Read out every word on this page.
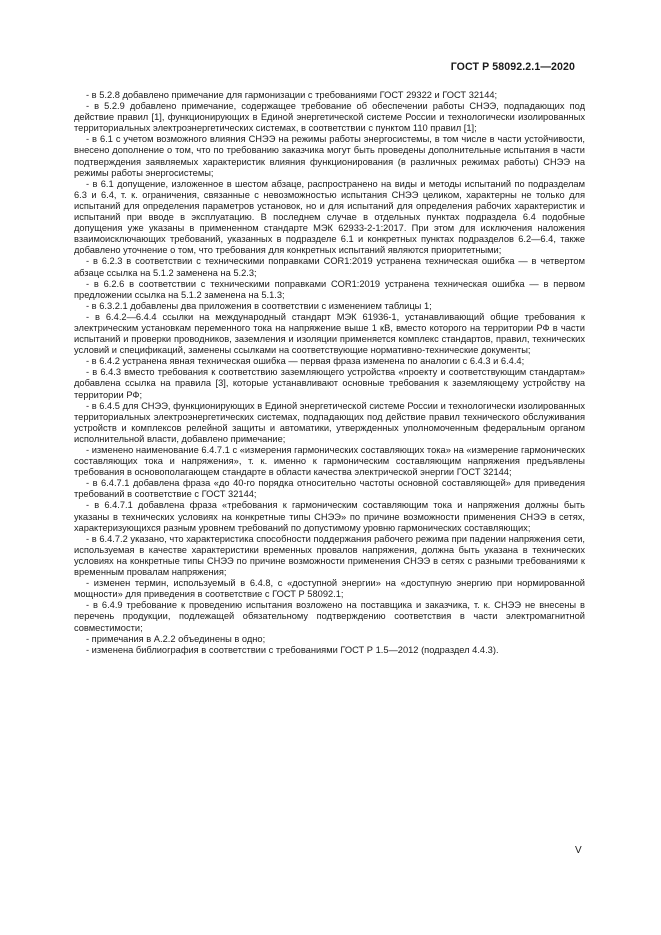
ГОСТ Р 58092.2.1—2020

- в 5.2.8 добавлено примечание для гармонизации с требованиями ГОСТ 29322 и ГОСТ 32144;

- в 5.2.9 добавлено примечание, содержащее требование об обеспечении работы СНЭЭ, подпадающих под действие правил [1], функционирующих в Единой энергетической системе России и технологически изолированных территориальных электроэнергетических системах, в соответствии с пунктом 110 правил [1];

- в 6.1 с учетом возможного влияния СНЭЭ на режимы работы энергосистемы, в том числе в части устойчивости, внесено дополнение о том, что по требованию заказчика могут быть проведены дополнительные испытания в части подтверждения заявляемых характеристик влияния функционирования (в различных режимах работы) СНЭЭ на режимы работы энергосистемы;

- в 6.1 допущение, изложенное в шестом абзаце, распространено на виды и методы испытаний по подразделам 6.3 и 6.4, т. к. ограничения, связанные с невозможностью испытания СНЭЭ целиком, характерны не только для испытаний для определения параметров установок, но и для испытаний для определения рабочих характеристик и испытаний при вводе в эксплуатацию. В последнем случае в отдельных пунктах подраздела 6.4 подобные допущения уже указаны в примененном стандарте МЭК 62933-2-1:2017. При этом для исключения наложения взаимоисключающих требований, указанных в подразделе 6.1 и конкретных пунктах подразделов 6.2—6.4, также добавлено уточнение о том, что требования для конкретных испытаний являются приоритетными;

- в 6.2.3 в соответствии с техническими поправками COR1:2019 устранена техническая ошибка — в четвертом абзаце ссылка на 5.1.2 заменена на 5.2.3;

- в 6.2.6 в соответствии с техническими поправками COR1:2019 устранена техническая ошибка — в первом предложении ссылка на 5.1.2 заменена на 5.1.3;

- в 6.3.2.1 добавлены два приложения в соответствии с изменением таблицы 1;

- в 6.4.2—6.4.4 ссылки на международный стандарт МЭК 61936-1, устанавливающий общие требования к электрическим установкам переменного тока на напряжение выше 1 кВ, вместо которого на территории РФ в части испытаний и проверки проводников, заземления и изоляции применяется комплекс стандартов, правил, технических условий и спецификаций, заменены ссылками на соответствующие нормативно-технические документы;

- в 6.4.2 устранена явная техническая ошибка — первая фраза изменена по аналогии с 6.4.3 и 6.4.4;

- в 6.4.3 вместо требования к соответствию заземляющего устройства «проекту и соответствующим стандартам» добавлена ссылка на правила [3], которые устанавливают основные требования к заземляющему устройству на территории РФ;

- в 6.4.5 для СНЭЭ, функционирующих в Единой энергетической системе России и технологически изолированных территориальных электроэнергетических системах, подпадающих под действие правил технического обслуживания устройств и комплексов релейной защиты и автоматики, утвержденных уполномоченным федеральным органом исполнительной власти, добавлено примечание;

- изменено наименование 6.4.7.1 с «измерения гармонических составляющих тока» на «измерение гармонических составляющих тока и напряжения», т. к. именно к гармоническим составляющим напряжения предъявлены требования в основополагающем стандарте в области качества электрической энергии ГОСТ 32144;

- в 6.4.7.1 добавлена фраза «до 40-го порядка относительно частоты основной составляющей» для приведения требований в соответствие с ГОСТ 32144;

- в 6.4.7.1 добавлена фраза «требования к гармоническим составляющим тока и напряжения должны быть указаны в технических условиях на конкретные типы СНЭЭ» по причине возможности применения СНЭЭ в сетях, характеризующихся разным уровнем требований по допустимому уровню гармонических составляющих;

- в 6.4.7.2 указано, что характеристика способности поддержания рабочего режима при падении напряжения сети, используемая в качестве характеристики временных провалов напряжения, должна быть указана в технических условиях на конкретные типы СНЭЭ по причине возможности применения СНЭЭ в сетях с разными требованиями к временным провалам напряжения;

- изменен термин, используемый в 6.4.8, с «доступной энергии» на «доступную энергию при нормированной мощности» для приведения в соответствие с ГОСТ Р 58092.1;

- в 6.4.9 требование к проведению испытания возложено на поставщика и заказчика, т. к. СНЭЭ не внесены в перечень продукции, подлежащей обязательному подтверждению соответствия в части электромагнитной совместимости;

- примечания в А.2.2 объединены в одно;

- изменена библиография в соответствии с требованиями ГОСТ Р 1.5—2012 (подраздел 4.4.3).

V
